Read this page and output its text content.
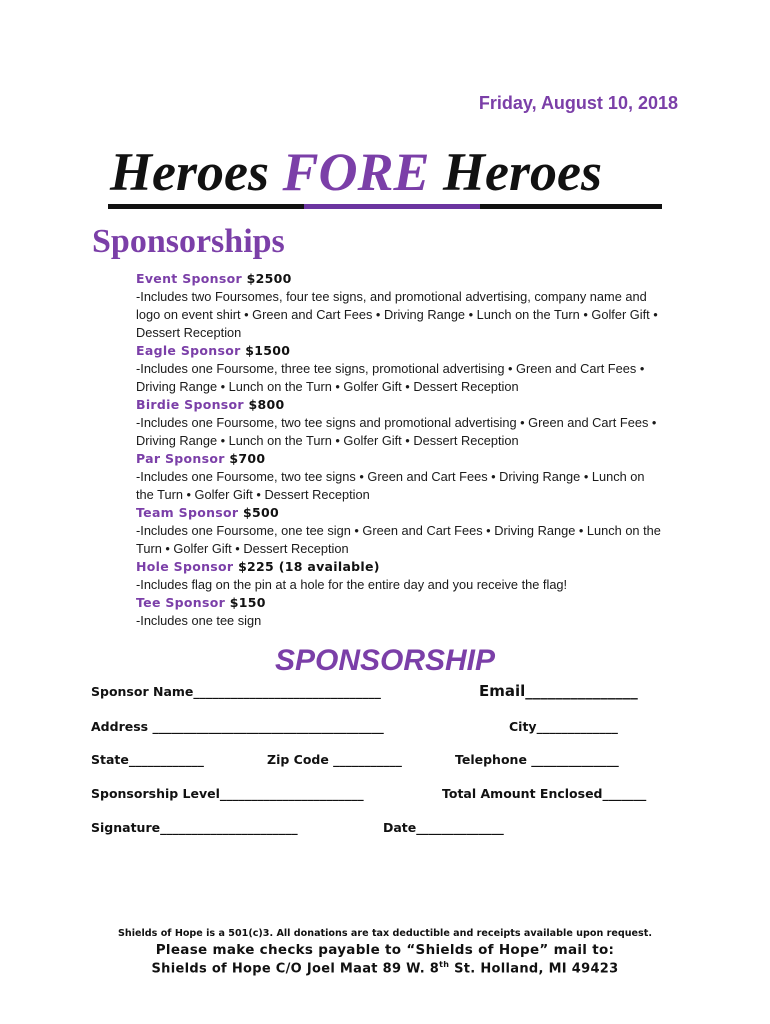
Friday, August 10, 2018
Heroes FORE Heroes
Sponsorships
Event Sponsor $2500
-Includes two Foursomes, four tee signs, and promotional advertising, company name and
logo on event shirt • Green and Cart Fees • Driving Range • Lunch on the Turn • Golfer Gift •
Dessert Reception
Eagle Sponsor $1500
-Includes one Foursome, three tee signs, promotional advertising • Green and Cart Fees •
Driving Range • Lunch on the Turn • Golfer Gift • Dessert Reception
Birdie Sponsor $800
-Includes one Foursome, two tee signs and promotional advertising • Green and Cart Fees •
Driving Range • Lunch on the Turn • Golfer Gift • Dessert Reception
Par Sponsor $700
-Includes one Foursome, two tee signs • Green and Cart Fees • Driving Range • Lunch on
the Turn • Golfer Gift • Dessert Reception
Team Sponsor $500
-Includes one Foursome, one tee sign • Green and Cart Fees • Driving Range • Lunch on the
Turn • Golfer Gift • Dessert Reception
Hole Sponsor $225 (18 available)
-Includes flag on the pin at a hole for the entire day and you receive the flag!
Tee Sponsor $150
-Includes one tee sign
SPONSORSHIP
Sponsor Name______________________________	Email_______________
Address _____________________________________	City_____________
State____________	Zip Code ___________	Telephone ______________
Sponsorship Level_______________________	Total Amount Enclosed_______
Signature______________________	Date______________
Shields of Hope is a 501(c)3. All donations are tax deductible and receipts available upon request.
Please make checks payable to “Shields of Hope” mail to:
Shields of Hope C/O Joel Maat 89 W. 8th St. Holland, MI 49423
